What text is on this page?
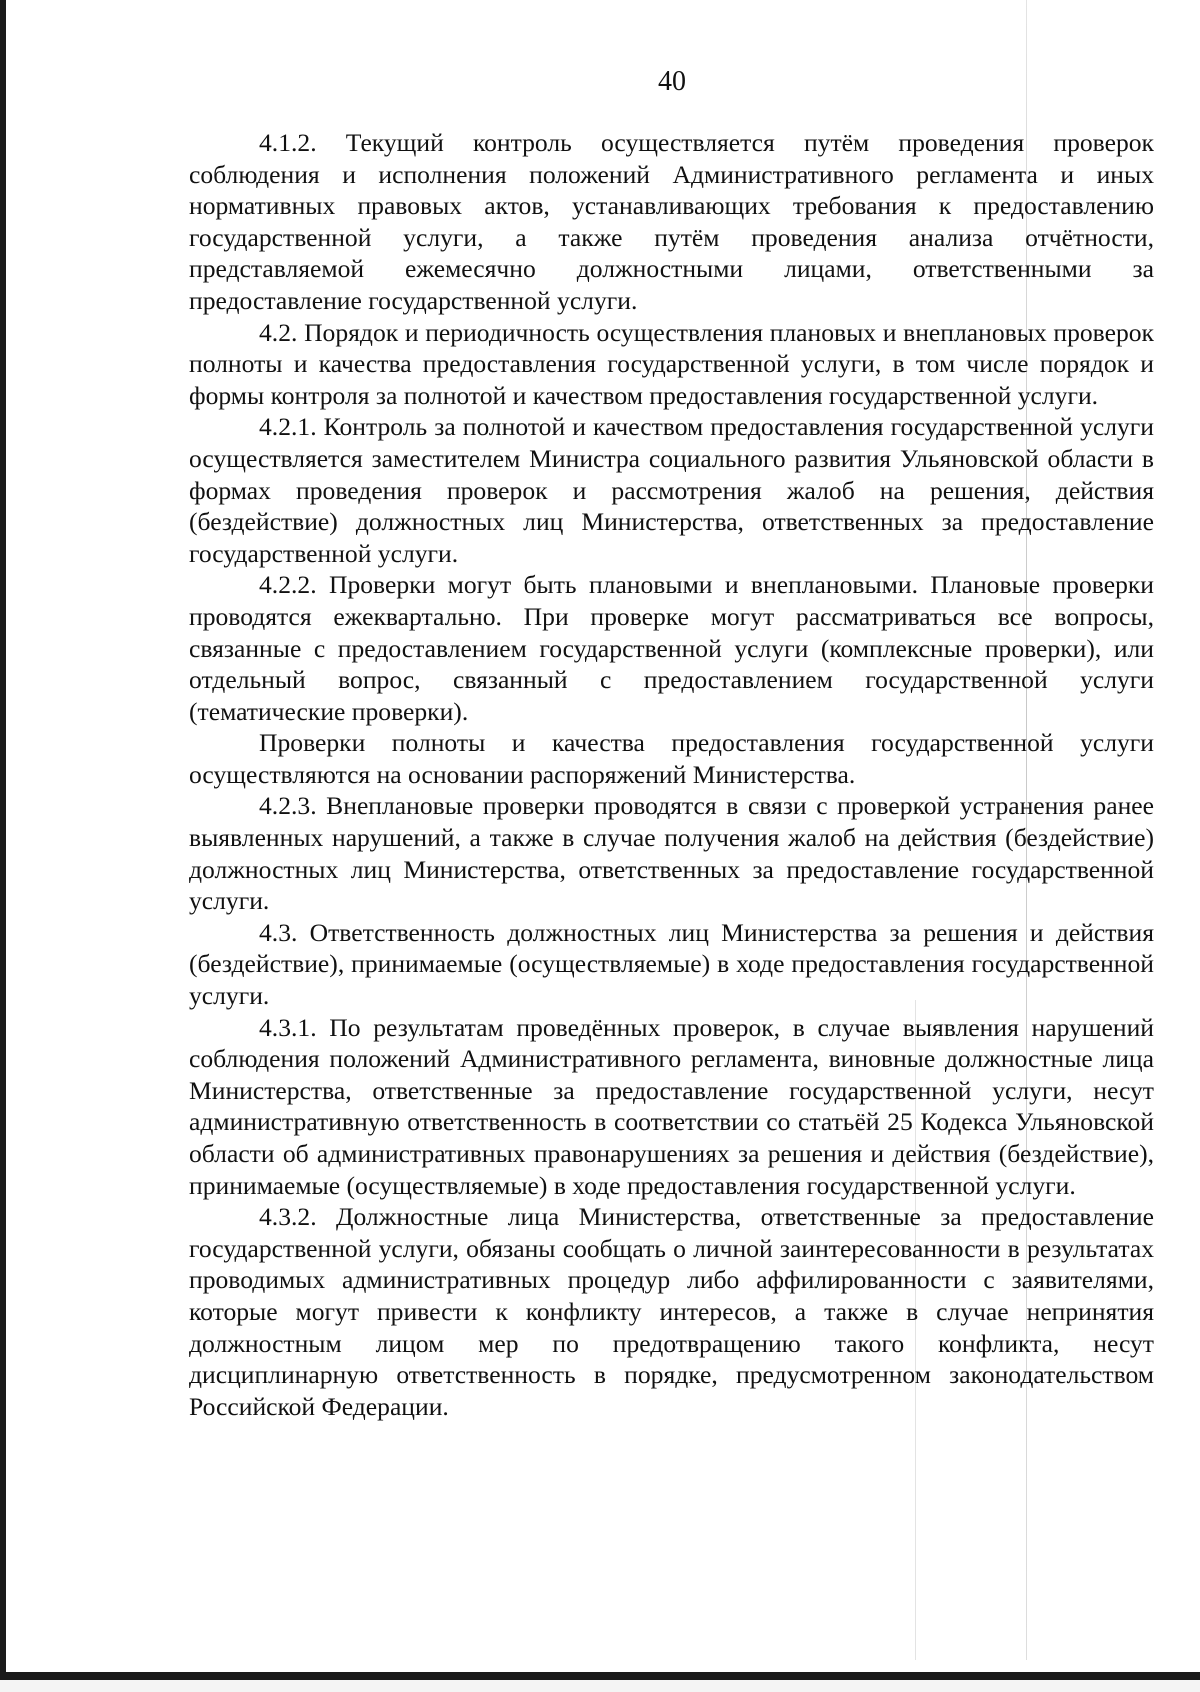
40

4.1.2. Текущий контроль осуществляется путём проведения проверок соблюдения и исполнения положений Административного регламента и иных нормативных правовых актов, устанавливающих требования к предоставлению государственной услуги, а также путём проведения анализа отчётности, представляемой ежемесячно должностными лицами, ответственными за предоставление государственной услуги.

4.2. Порядок и периодичность осуществления плановых и внеплановых проверок полноты и качества предоставления государственной услуги, в том числе порядок и формы контроля за полнотой и качеством предоставления государственной услуги.

4.2.1. Контроль за полнотой и качеством предоставления государственной услуги осуществляется заместителем Министра социального развития Ульяновской области в формах проведения проверок и рассмотрения жалоб на решения, действия (бездействие) должностных лиц Министерства, ответственных за предоставление государственной услуги.

4.2.2. Проверки могут быть плановыми и внеплановыми. Плановые проверки проводятся ежеквартально. При проверке могут рассматриваться все вопросы, связанные с предоставлением государственной услуги (комплексные проверки), или отдельный вопрос, связанный с предоставлением государственной услуги (тематические проверки).

Проверки полноты и качества предоставления государственной услуги осуществляются на основании распоряжений Министерства.

4.2.3. Внеплановые проверки проводятся в связи с проверкой устранения ранее выявленных нарушений, а также в случае получения жалоб на действия (бездействие) должностных лиц Министерства, ответственных за предоставление государственной услуги.

4.3. Ответственность должностных лиц Министерства за решения и действия (бездействие), принимаемые (осуществляемые) в ходе предоставления государственной услуги.

4.3.1. По результатам проведённых проверок, в случае выявления нарушений соблюдения положений Административного регламента, виновные должностные лица Министерства, ответственные за предоставление государственной услуги, несут административную ответственность в соответствии со статьёй 25 Кодекса Ульяновской области об административных правонарушениях за решения и действия (бездействие), принимаемые (осуществляемые) в ходе предоставления государственной услуги.

4.3.2. Должностные лица Министерства, ответственные за предоставление государственной услуги, обязаны сообщать о личной заинтересованности в результатах проводимых административных процедур либо аффилированности с заявителями, которые могут привести к конфликту интересов, а также в случае непринятия должностным лицом мер по предотвращению такого конфликта, несут дисциплинарную ответственность в порядке, предусмотренном законодательством Российской Федерации.
